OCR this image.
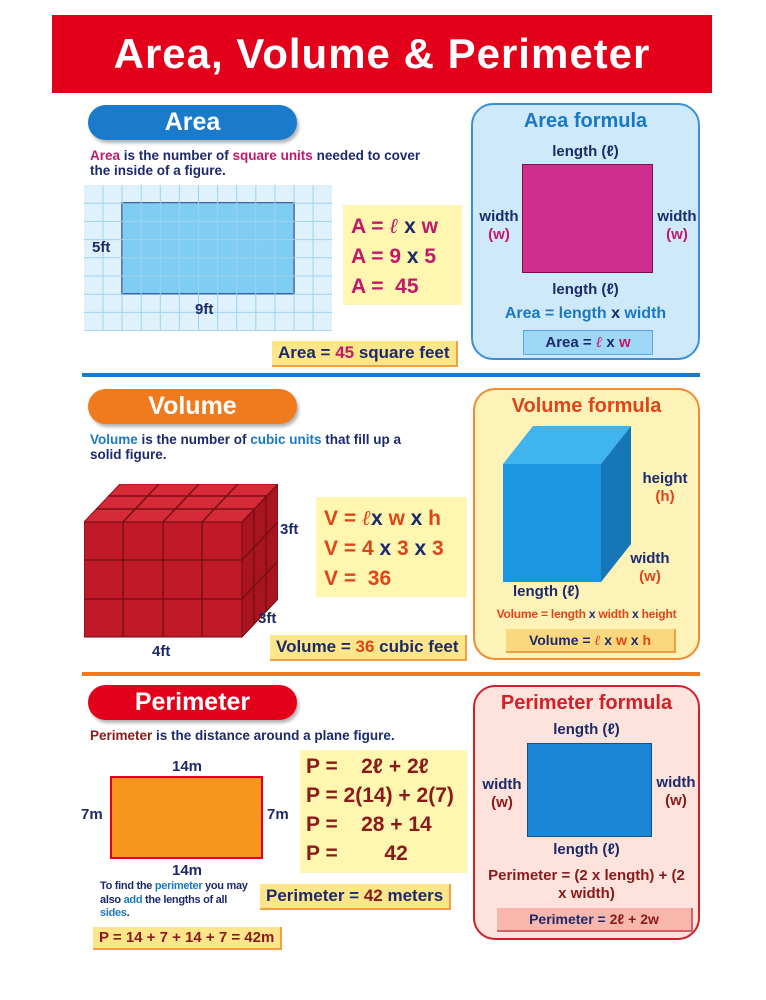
Area, Volume & Perimeter
Area
Area is the number of square units needed to cover the inside of a figure.
5ft
9ft
A = ℓ x w
A = 9 x 5
A =  45
Area = 45 square feet
Area formula
length (ℓ)
length (ℓ)
width
(w)
width
(w)
Area = length x width
Area = ℓ x w
Volume
Volume is the number of cubic units that fill up a solid figure.
3ft
3ft
4ft
V = ℓx w x h
V = 4 x 3 x 3
V =  36
Volume = 36 cubic feet
Volume formula
height
(h)
width
(w)
length (ℓ)
Volume = length x width x height
Volume = ℓ x w x h
Perimeter
Perimeter is the distance around a plane figure.
14m
14m
7m	7m
P =    2ℓ + 2ℓ
P = 2(14) + 2(7)
P =    28 + 14
P =        42
Perimeter = 42 meters
To find the perimeter you may also add the lengths of all sides.
P = 14 + 7 + 14 + 7 = 42m
Perimeter formula
length (ℓ)
length (ℓ)
width
(w)
width
(w)
Perimeter = (2 x length) + (2 x width)
Perimeter = 2ℓ + 2w
